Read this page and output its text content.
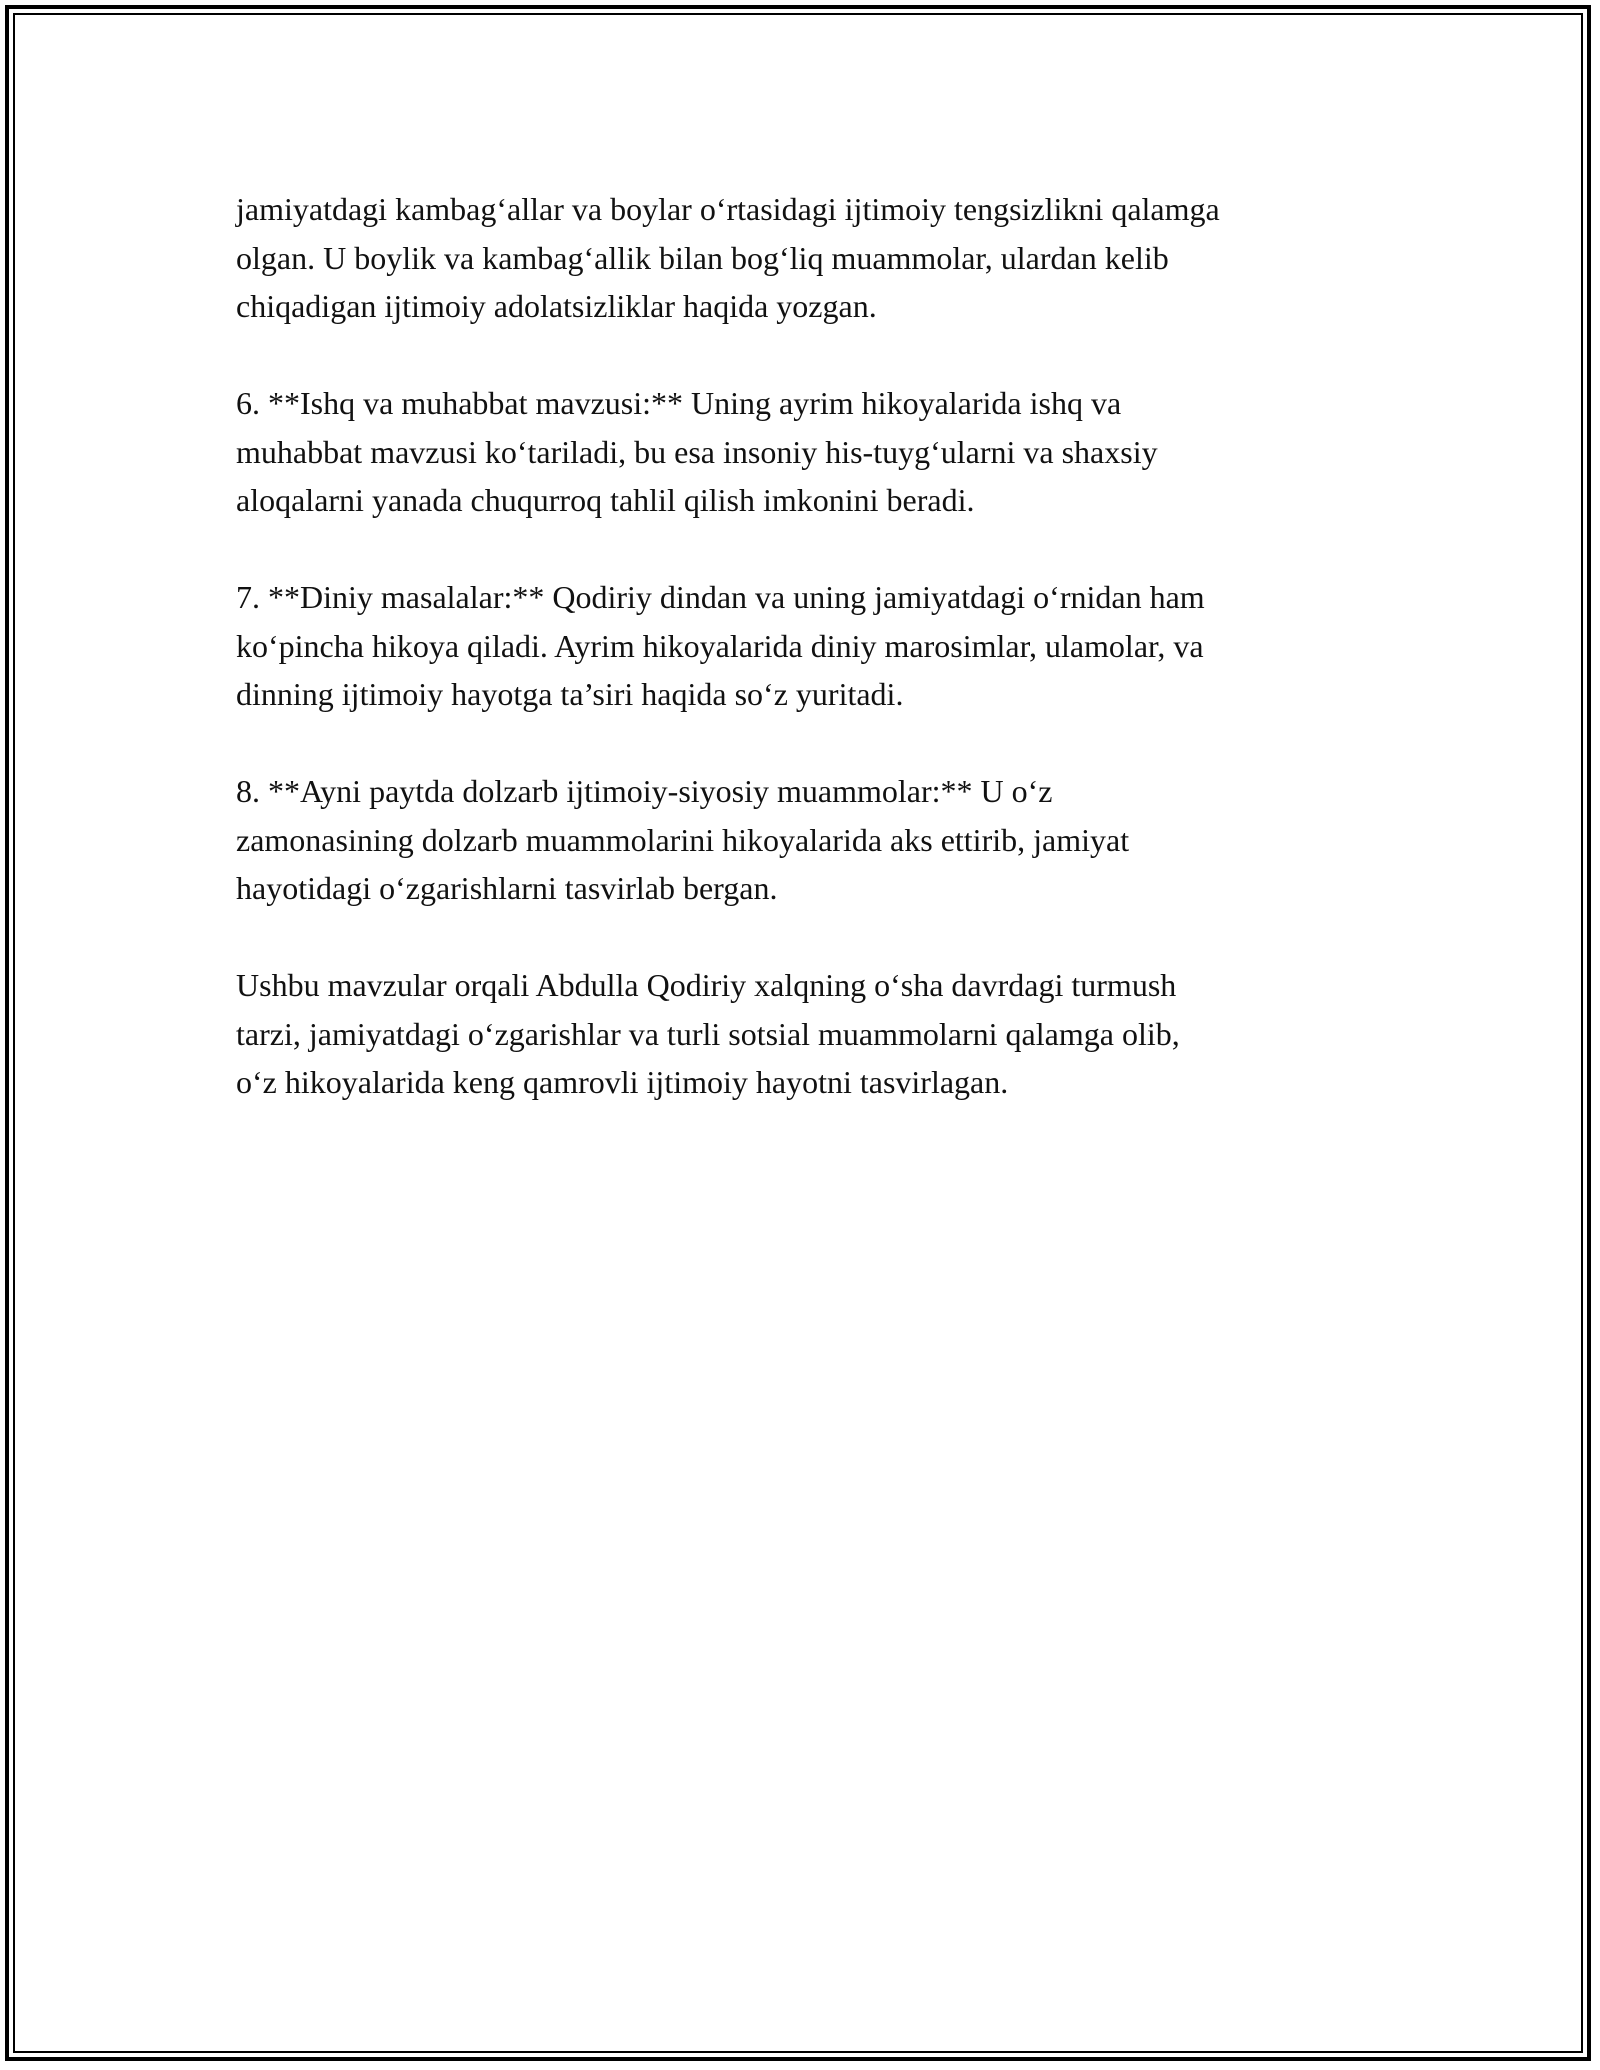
jamiyatdagi kambag‘allar va boylar o‘rtasidagi ijtimoiy tengsizlikni qalamga
olgan. U boylik va kambag‘allik bilan bog‘liq muammolar, ulardan kelib
chiqadigan ijtimoiy adolatsizliklar haqida yozgan.

6. **Ishq va muhabbat mavzusi:** Uning ayrim hikoyalarida ishq va
muhabbat mavzusi ko‘tariladi, bu esa insoniy his-tuyg‘ularni va shaxsiy
aloqalarni yanada chuqurroq tahlil qilish imkonini beradi.

7. **Diniy masalalar:** Qodiriy dindan va uning jamiyatdagi o‘rnidan ham
ko‘pincha hikoya qiladi. Ayrim hikoyalarida diniy marosimlar, ulamolar, va
dinning ijtimoiy hayotga ta’siri haqida so‘z yuritadi.

8. **Ayni paytda dolzarb ijtimoiy-siyosiy muammolar:** U o‘z
zamonasining dolzarb muammolarini hikoyalarida aks ettirib, jamiyat
hayotidagi o‘zgarishlarni tasvirlab bergan.

Ushbu mavzular orqali Abdulla Qodiriy xalqning o‘sha davrdagi turmush
tarzi, jamiyatdagi o‘zgarishlar va turli sotsial muammolarni qalamga olib,
o‘z hikoyalarida keng qamrovli ijtimoiy hayotni tasvirlagan.
